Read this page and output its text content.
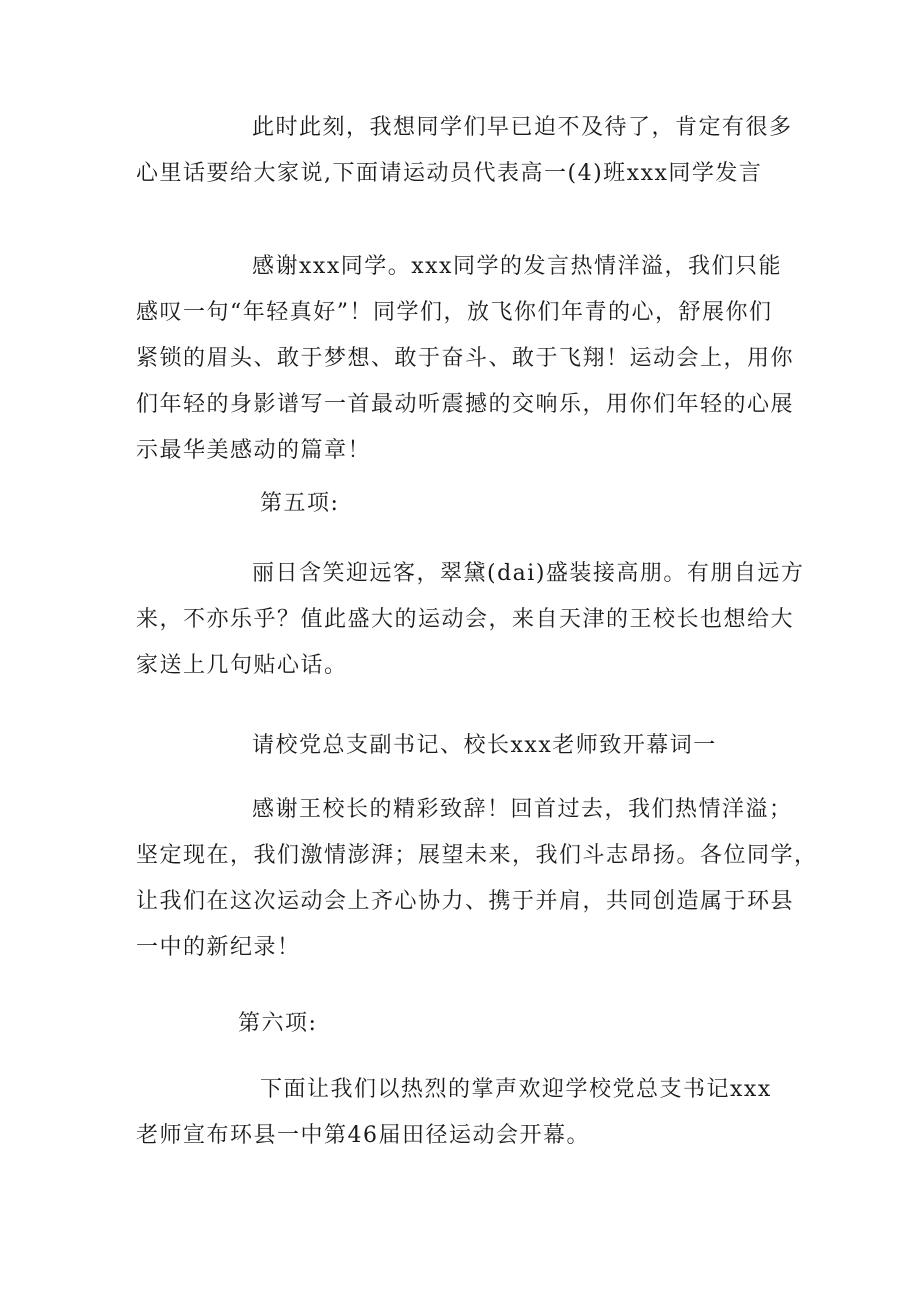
此时此刻，我想同学们早已迫不及待了，肯定有很多
心里话要给大家说,下面请运动员代表高一(4)班xxx同学发言

感谢xxx同学。xxx同学的发言热情洋溢，我们只能
感叹一句“年轻真好”！同学们，放飞你们年青的心，舒展你们
紧锁的眉头、敢于梦想、敢于奋斗、敢于飞翔！运动会上，用你
们年轻的身影谱写一首最动听震撼的交响乐，用你们年轻的心展
示最华美感动的篇章！

第五项:

丽日含笑迎远客，翠黛(dai)盛装接高朋。有朋自远方
来，不亦乐乎？值此盛大的运动会，来自天津的王校长也想给大
家送上几句贴心话。

请校党总支副书记、校长xxx老师致开幕词一

感谢王校长的精彩致辞！回首过去，我们热情洋溢；
坚定现在，我们激情澎湃；展望未来，我们斗志昂扬。各位同学，
让我们在这次运动会上齐心协力、携于并肩，共同创造属于环县
一中的新纪录！

第六项:

下面让我们以热烈的掌声欢迎学校党总支书记xxx
老师宣布环县一中第46届田径运动会开幕。
